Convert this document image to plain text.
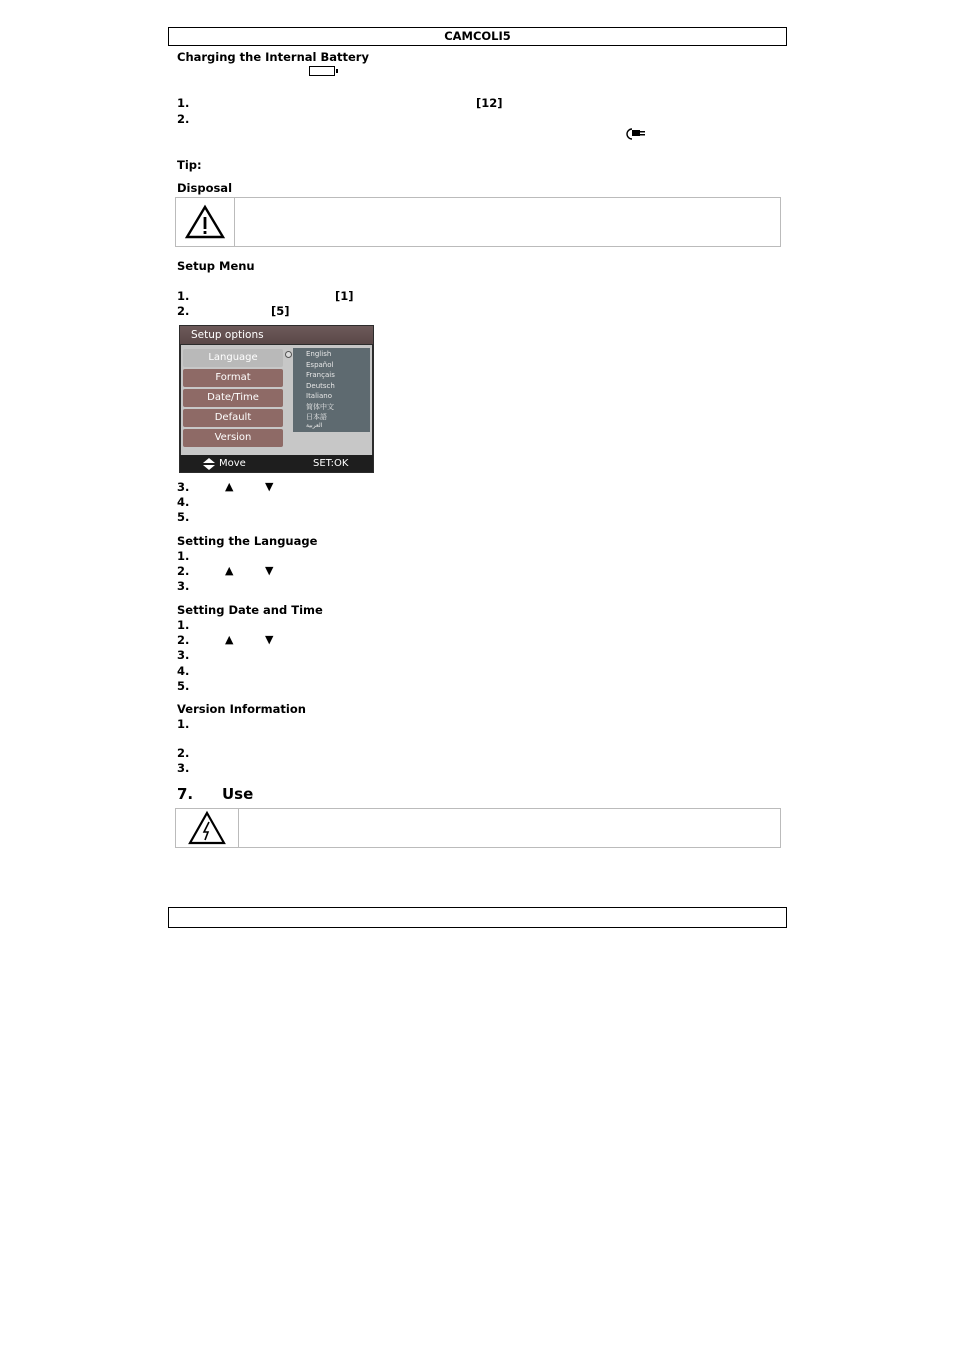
CAMCOLI5
Charging the Internal Battery
1.	[12]
2.
Tip:
Disposal
Setup Menu
1.	[1]
2.	[5]
Setup options
Language
Format
Date/Time
Default
Version
English
Español
Français
Deutsch
Italiano
简体中文
日本語
العربية
Move	SET:OK
3.	▲	▼
4.
5.
Setting the Language
1.
2.	▲	▼
3.
Setting Date and Time
1.
2.	▲	▼
3.
4.
5.
Version Information
1.
2.
3.
7. Use
